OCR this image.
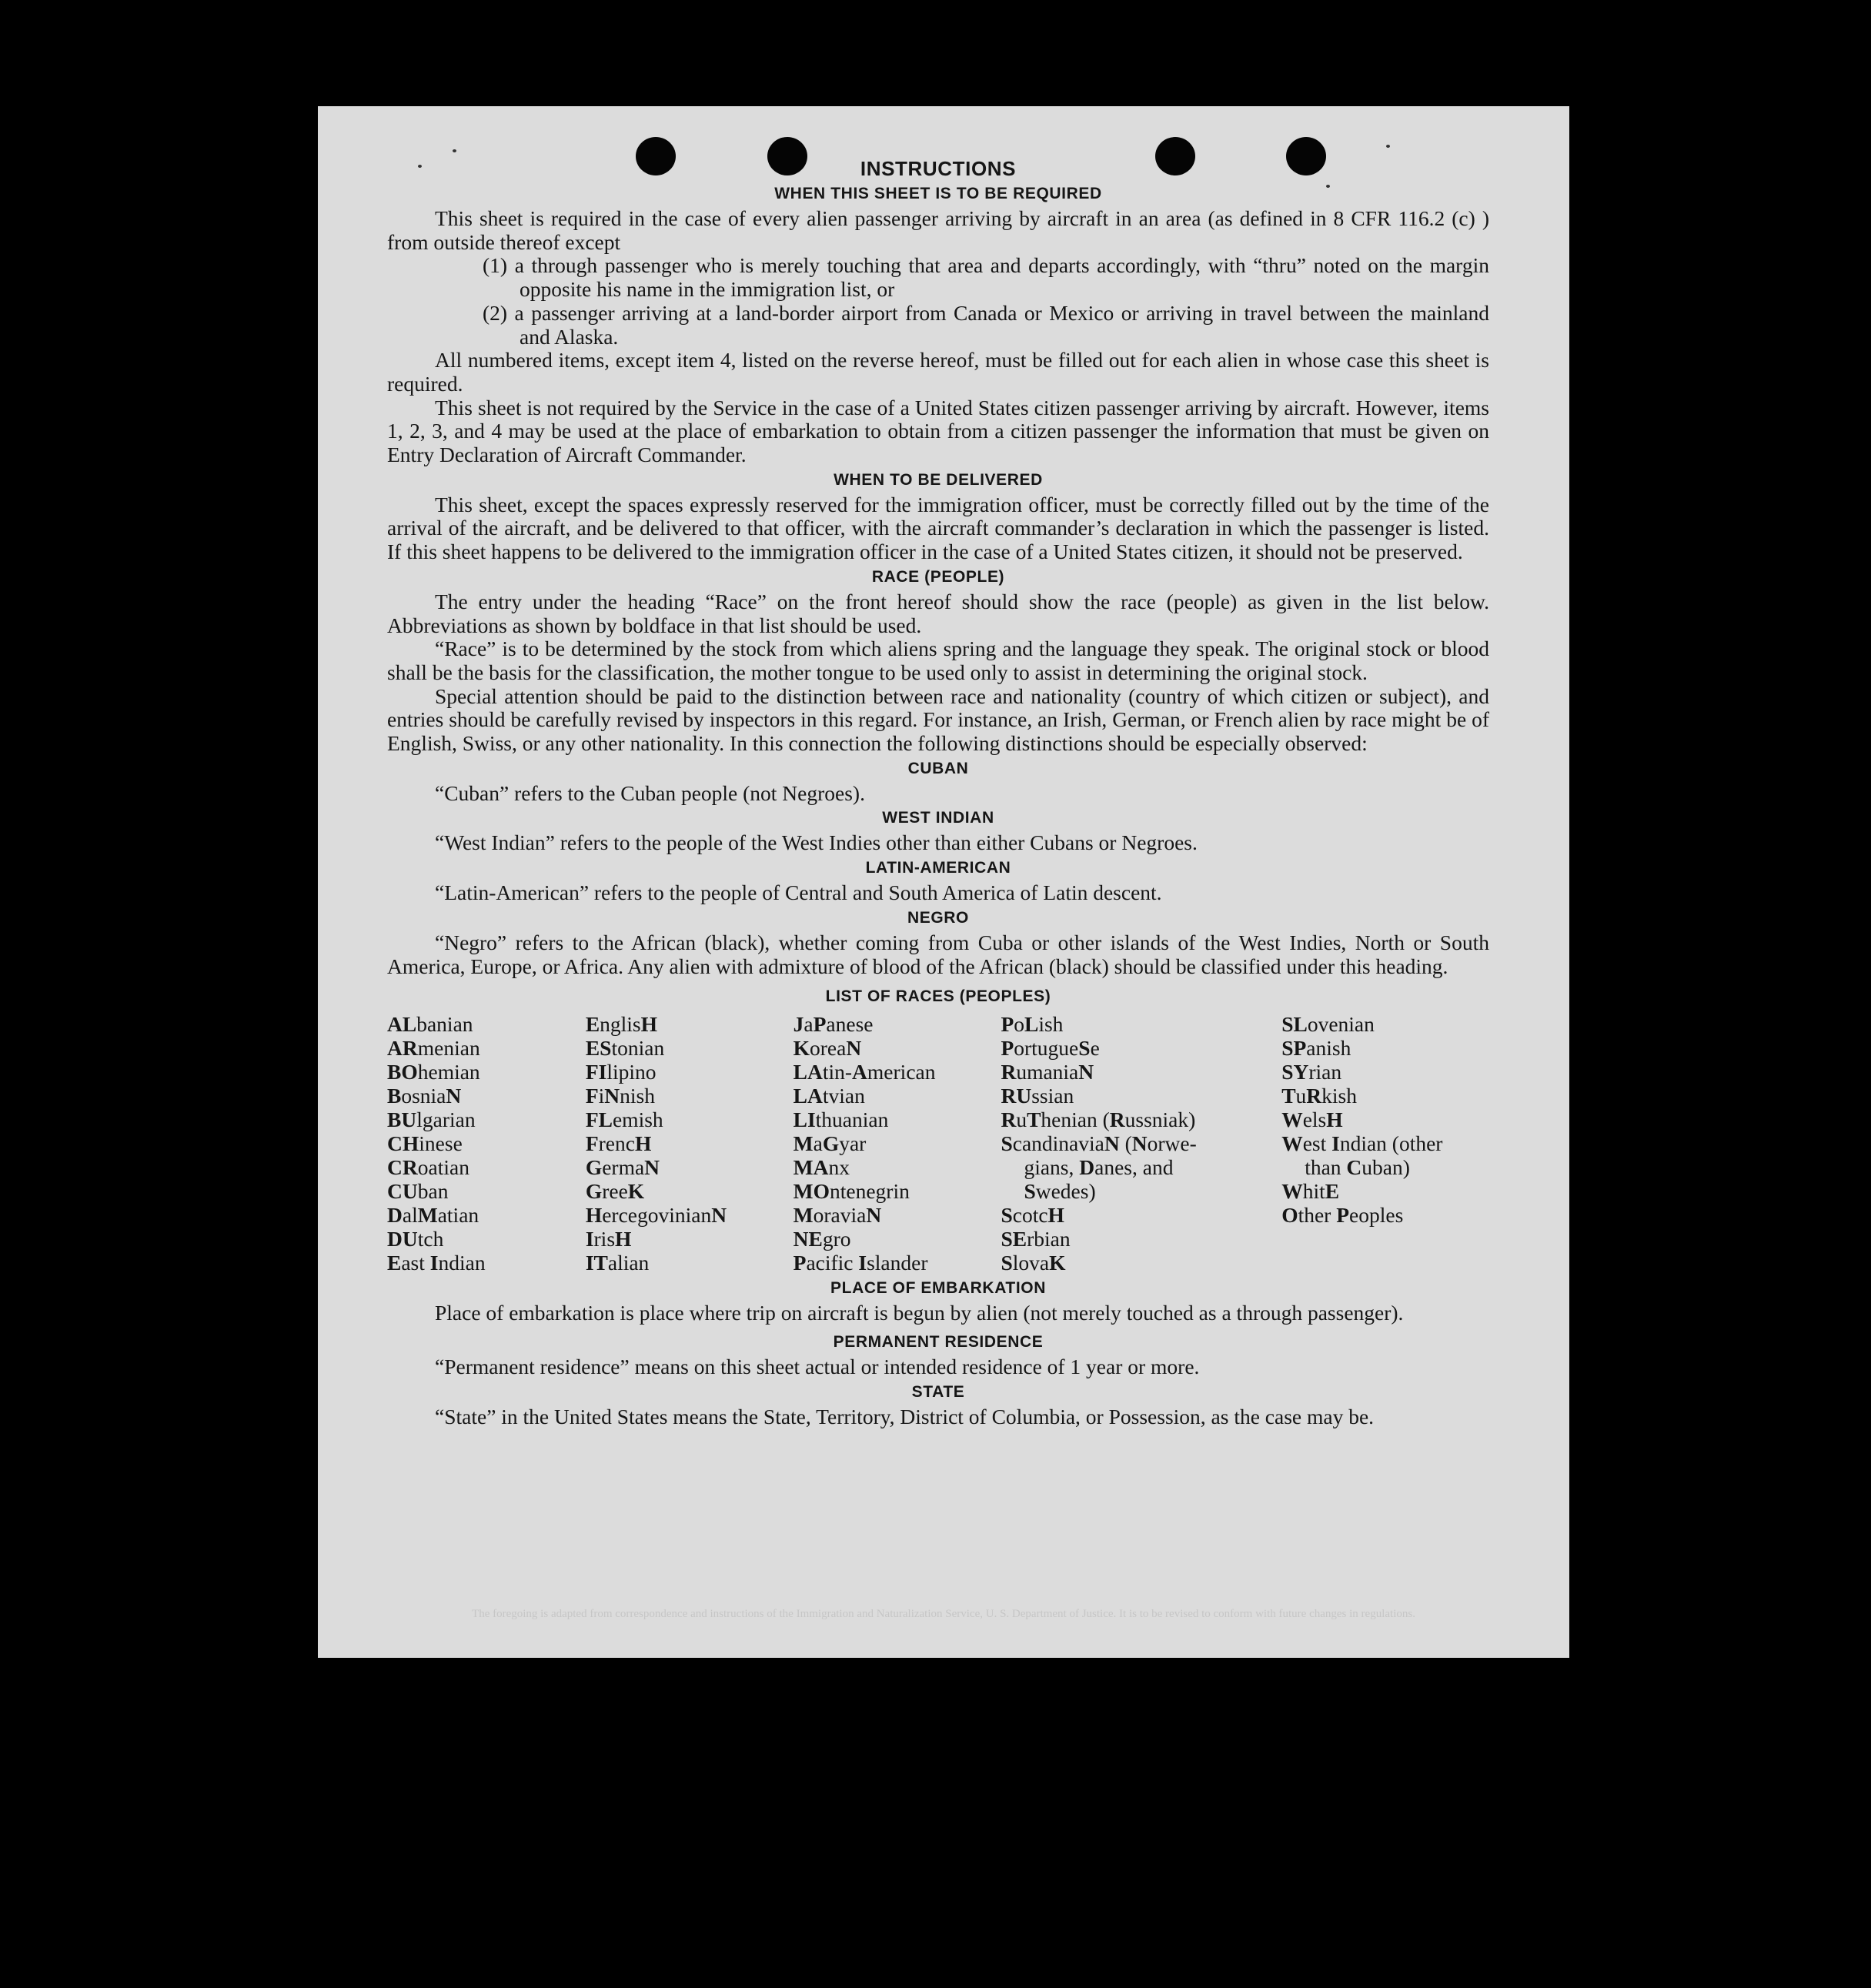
INSTRUCTIONS
WHEN THIS SHEET IS TO BE REQUIRED

This sheet is required in the case of every alien passenger arriving by aircraft in an area (as defined in 8 CFR 116.2 (c) ) from outside thereof except

(1) a through passenger who is merely touching that area and departs accordingly, with “thru” noted on the margin opposite his name in the immigration list, or

(2) a passenger arriving at a land-border airport from Canada or Mexico or arriving in travel between the mainland and Alaska.

All numbered items, except item 4, listed on the reverse hereof, must be filled out for each alien in whose case this sheet is required.

This sheet is not required by the Service in the case of a United States citizen passenger arriving by aircraft. However, items 1, 2, 3, and 4 may be used at the place of embarkation to obtain from a citizen passenger the information that must be given on Entry Declaration of Aircraft Commander.

WHEN TO BE DELIVERED

This sheet, except the spaces expressly reserved for the immigration officer, must be correctly filled out by the time of the arrival of the aircraft, and be delivered to that officer, with the aircraft commander’s declaration in which the passenger is listed. If this sheet happens to be delivered to the immigration officer in the case of a United States citizen, it should not be preserved.

RACE (PEOPLE)

The entry under the heading “Race” on the front hereof should show the race (people) as given in the list below. Abbreviations as shown by boldface in that list should be used.

“Race” is to be determined by the stock from which aliens spring and the language they speak. The original stock or blood shall be the basis for the classification, the mother tongue to be used only to assist in determining the original stock.

Special attention should be paid to the distinction between race and nationality (country of which citizen or subject), and entries should be carefully revised by inspectors in this regard. For instance, an Irish, German, or French alien by race might be of English, Swiss, or any other nationality. In this connection the following distinctions should be especially observed:

CUBAN

“Cuban” refers to the Cuban people (not Negroes).

WEST INDIAN

“West Indian” refers to the people of the West Indies other than either Cubans or Negroes.

LATIN-AMERICAN

“Latin-American” refers to the people of Central and South America of Latin descent.

NEGRO

“Negro” refers to the African (black), whether coming from Cuba or other islands of the West Indies, North or South America, Europe, or Africa. Any alien with admixture of blood of the African (black) should be classified under this heading.

LIST OF RACES (PEOPLES)
ALbanian
ARmenian
BOhemian
BosniaN
BUlgarian
CHinese
CRoatian
CUban
DalMatian
DUtch
East Indian
EnglisH
EStonian
FIlipino
FiNnish
FLemish
FrencH
GermaN
GreeK
HercegovinianN
IrisH
ITalian
JaPanese
KoreaN
LAtin-American
LAtvian
LIthuanian
MaGyar
MAnx
MOntenegrin
MoraviaN
NEgro
Pacific Islander
PoLish
PortugueSe
RumaniaN
RUssian
RuThenian (Russniak)
ScandinaviaN (Norwe-
gians, Danes, and
Swedes)
ScotcH
SErbian
SlovaK
SLovenian
SPanish
SYrian
TuRkish
WelsH
West Indian (other
than Cuban)
WhitE
Other Peoples
PLACE OF EMBARKATION

Place of embarkation is place where trip on aircraft is begun by alien (not merely touched as a through passenger).

PERMANENT RESIDENCE

“Permanent residence” means on this sheet actual or intended residence of 1 year or more.

STATE

“State” in the United States means the State, Territory, District of Columbia, or Possession, as the case may be.

The foregoing is adapted from correspondence and instructions of the Immigration and Naturalization Service, U. S. Department of Justice. It is to be revised to conform with future changes in regulations.
